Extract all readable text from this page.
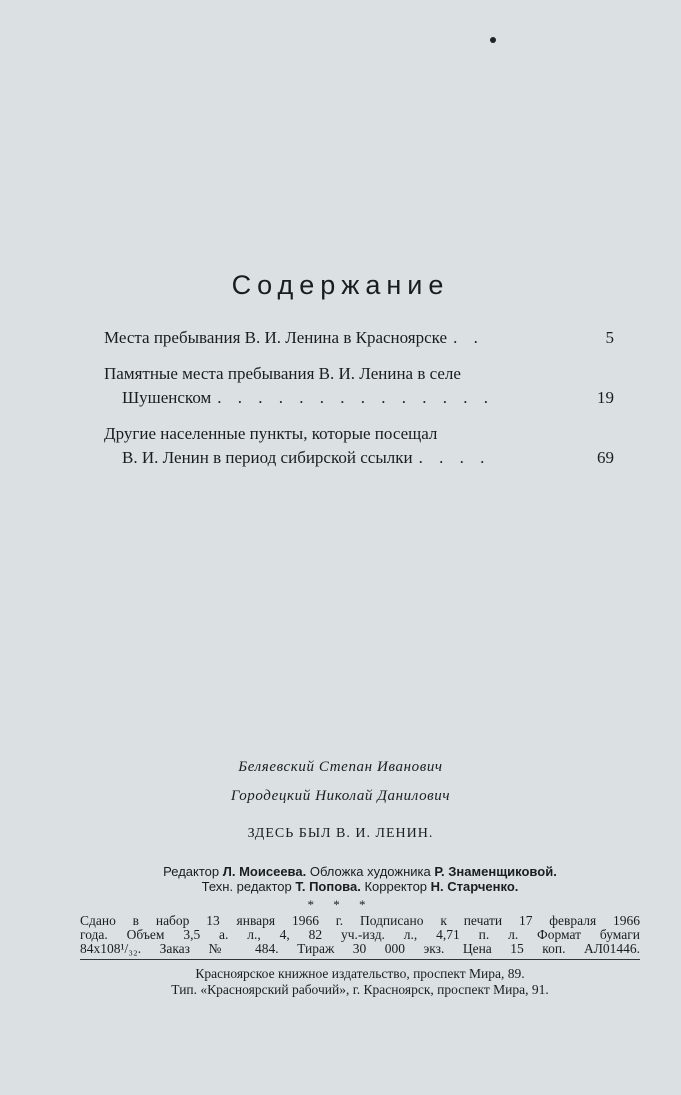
Содержание
Места пребывания В. И. Ленина в Красноярске . .	5
Памятные места пребывания В. И. Ленина в селе
Шушенском . . . . . . . . . . . . . .	19
Другие населенные пункты, которые посещал
В. И. Ленин в период сибирской ссылки . . . .	69
Беляевский Степан Иванович
Городецкий Николай Данилович
ЗДЕСЬ БЫЛ В. И. ЛЕНИН.
Редактор Л. Моисеева. Обложка художника Р. Знаменщиковой.
Техн. редактор Т. Попова. Корректор Н. Старченко.
* * *
Сдано в набор 13 января 1966 г. Подписано к печати 17 февраля 1966
года. Объем 3,5 а. л., 4, 82 уч.-изд. л., 4,71 п. л. Формат бумаги
84х108¹/₃₂. Заказ № 484. Тираж 30 000 экз. Цена 15 коп. АЛ01446.
Красноярское книжное издательство, проспект Мира, 89.
Тип. «Красноярский рабочий», г. Красноярск, проспект Мира, 91.
